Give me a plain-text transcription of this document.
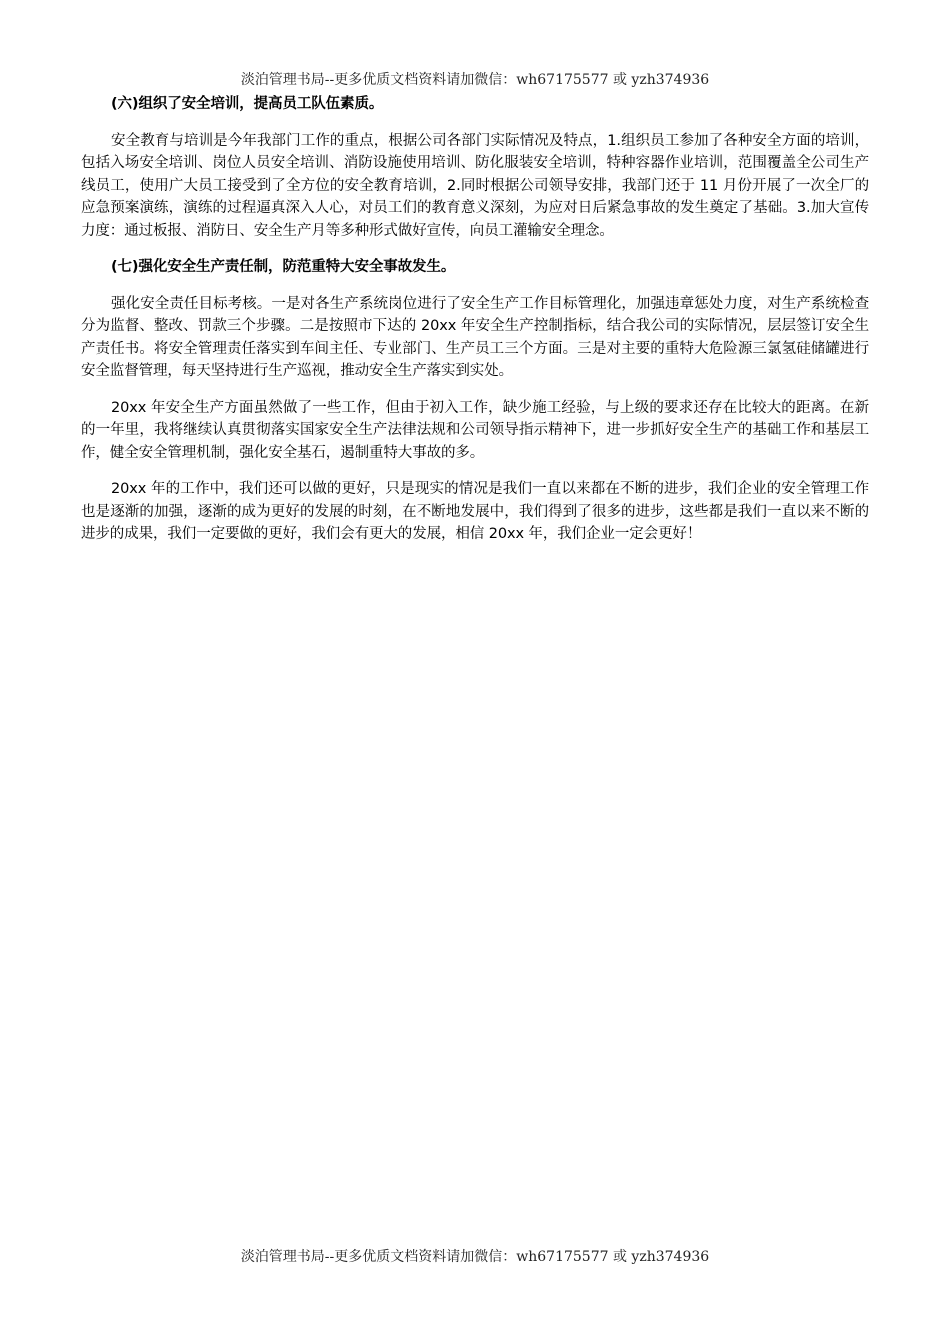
淡泊管理书局--更多优质文档资料请加微信：wh67175577 或 yzh374936

(六)组织了安全培训，提高员工队伍素质。

安全教育与培训是今年我部门工作的重点，根据公司各部门实际情况及特点，1.组织员工参加了各种安全方面的培训，包括入场安全培训、岗位人员安全培训、消防设施使用培训、防化服装安全培训，特种容器作业培训，范围覆盖全公司生产线员工，使用广大员工接受到了全方位的安全教育培训，2.同时根据公司领导安排，我部门还于 11 月份开展了一次全厂的应急预案演练，演练的过程逼真深入人心，对员工们的教育意义深刻，为应对日后紧急事故的发生奠定了基础。3.加大宣传力度：通过板报、消防日、安全生产月等多种形式做好宣传，向员工灌输安全理念。

(七)强化安全生产责任制，防范重特大安全事故发生。

强化安全责任目标考核。一是对各生产系统岗位进行了安全生产工作目标管理化，加强违章惩处力度，对生产系统检查分为监督、整改、罚款三个步骤。二是按照市下达的 20xx 年安全生产控制指标，结合我公司的实际情况，层层签订安全生产责任书。将安全管理责任落实到车间主任、专业部门、生产员工三个方面。三是对主要的重特大危险源三氯氢硅储罐进行安全监督管理，每天坚持进行生产巡视，推动安全生产落实到实处。

20xx 年安全生产方面虽然做了一些工作，但由于初入工作，缺少施工经验，与上级的要求还存在比较大的距离。在新的一年里，我将继续认真贯彻落实国家安全生产法律法规和公司领导指示精神下，进一步抓好安全生产的基础工作和基层工作，健全安全管理机制，强化安全基石，遏制重特大事故的多。

20xx 年的工作中，我们还可以做的更好，只是现实的情况是我们一直以来都在不断的进步，我们企业的安全管理工作也是逐渐的加强，逐渐的成为更好的发展的时刻，在不断地发展中，我们得到了很多的进步，这些都是我们一直以来不断的进步的成果，我们一定要做的更好，我们会有更大的发展，相信 20xx 年，我们企业一定会更好！

淡泊管理书局--更多优质文档资料请加微信：wh67175577 或 yzh374936
